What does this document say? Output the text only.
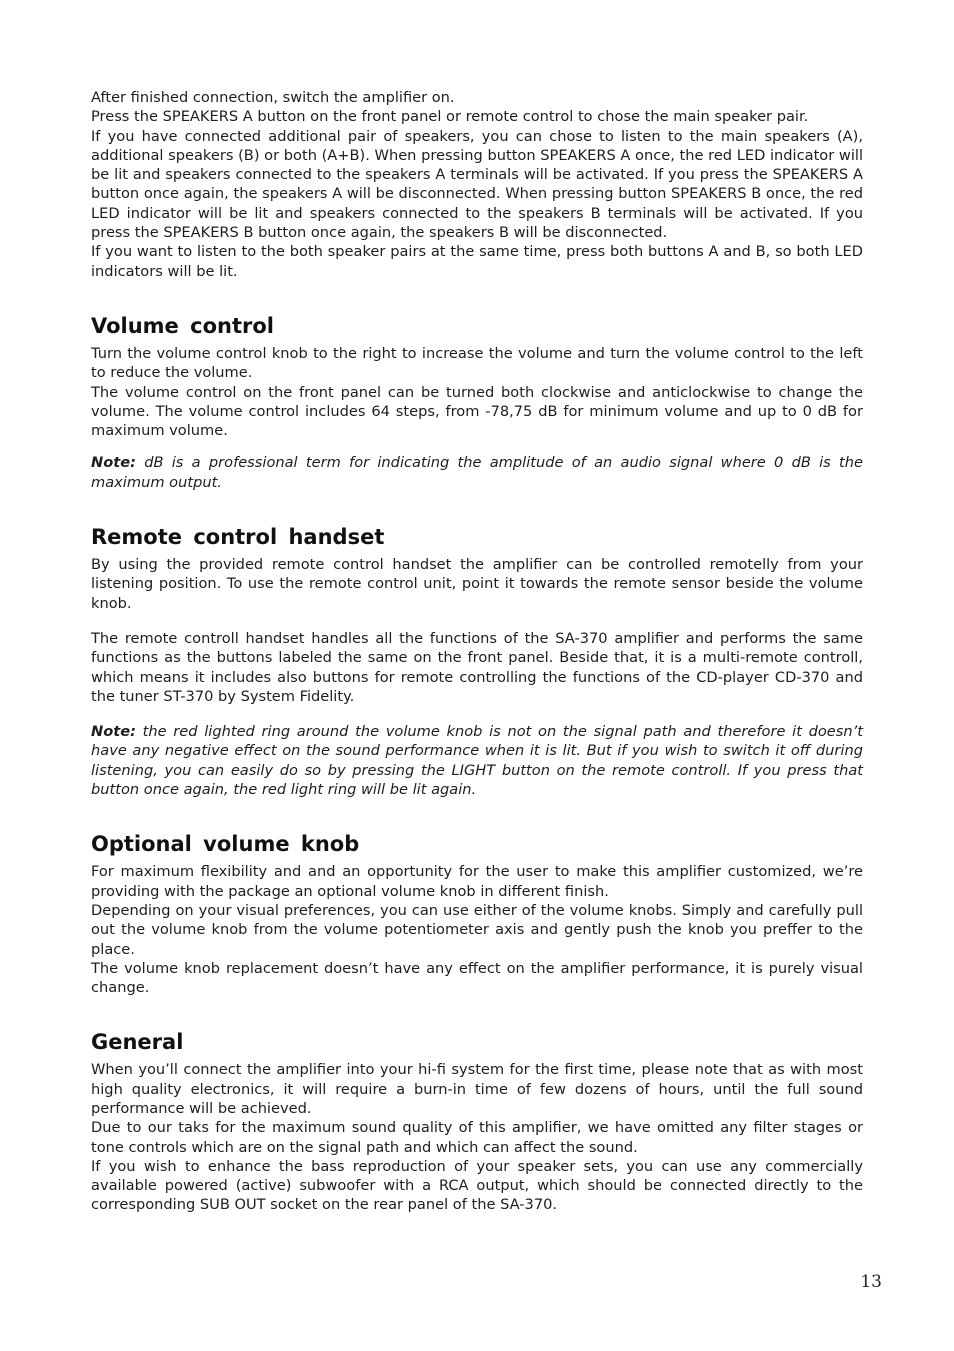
After finished connection, switch the amplifier on.

Press the SPEAKERS A button on the front panel or remote control to chose the main speaker pair.

If you have connected additional pair of speakers, you can chose to listen to the main speakers (A), additional speakers (B) or both (A+B). When pressing button SPEAKERS A once, the red LED indicator will be lit and speakers connected to the speakers A terminals will be activated. If you press the SPEAKERS A button once again, the speakers A will be disconnected. When pressing button SPEAKERS B once, the red LED indicator will be lit and speakers connected to the speakers B terminals will be activated. If you press the SPEAKERS B button once again, the speakers B will be disconnected.

If you want to listen to the both speaker pairs at the same time, press both buttons A and B, so both LED indicators will be lit.

Volume control

Turn the volume control knob to the right to increase the volume and turn the volume control to the left to reduce the volume.

The volume control on the front panel can be turned both clockwise and anticlockwise to change the volume. The volume control includes 64 steps, from -78,75 dB for minimum volume and up to 0 dB for maximum volume.

Note: dB is a professional term for indicating the amplitude of an audio signal where 0 dB is the maximum output.

Remote control handset

By using the provided remote control handset the amplifier can be controlled remotelly from your listening position. To use the remote control unit, point it towards the remote sensor beside the volume knob.

The remote controll handset handles all the functions of the SA-370 amplifier and performs the same functions as the buttons labeled the same on the front panel. Beside that, it is a multi-remote controll, which means it includes also buttons for remote controlling the functions of the CD-player CD-370 and the tuner ST-370 by System Fidelity.

Note: the red lighted ring around the volume knob is not on the signal path and therefore it doesn’t have any negative effect on the sound performance when it is lit. But if you wish to switch it off during listening, you can easily do so by pressing the LIGHT button on the remote controll. If you press that button once again, the red light ring will be lit again.

Optional volume knob

For maximum flexibility and and an opportunity for the user to make this amplifier customized, we’re providing with the package an optional volume knob in different finish.

Depending on your visual preferences, you can use either of the volume knobs. Simply and carefully pull out the volume knob from the volume potentiometer axis and gently push the knob you preffer to the place.

The volume knob replacement doesn’t have any effect on the amplifier performance, it is purely visual change.

General

When you’ll connect the amplifier into your hi-fi system for the first time, please note that as with most high quality electronics, it will require a burn-in time of few dozens of hours, until the full sound performance will be achieved.

Due to our taks for the maximum sound quality of this amplifier, we have omitted any filter stages or tone controls which are on the signal path and which can affect the sound.

If you wish to enhance the bass reproduction of your speaker sets, you can use any commercially available powered (active) subwoofer with a RCA output, which should be connected directly to the corresponding SUB OUT socket on the rear panel of the SA-370.

13
